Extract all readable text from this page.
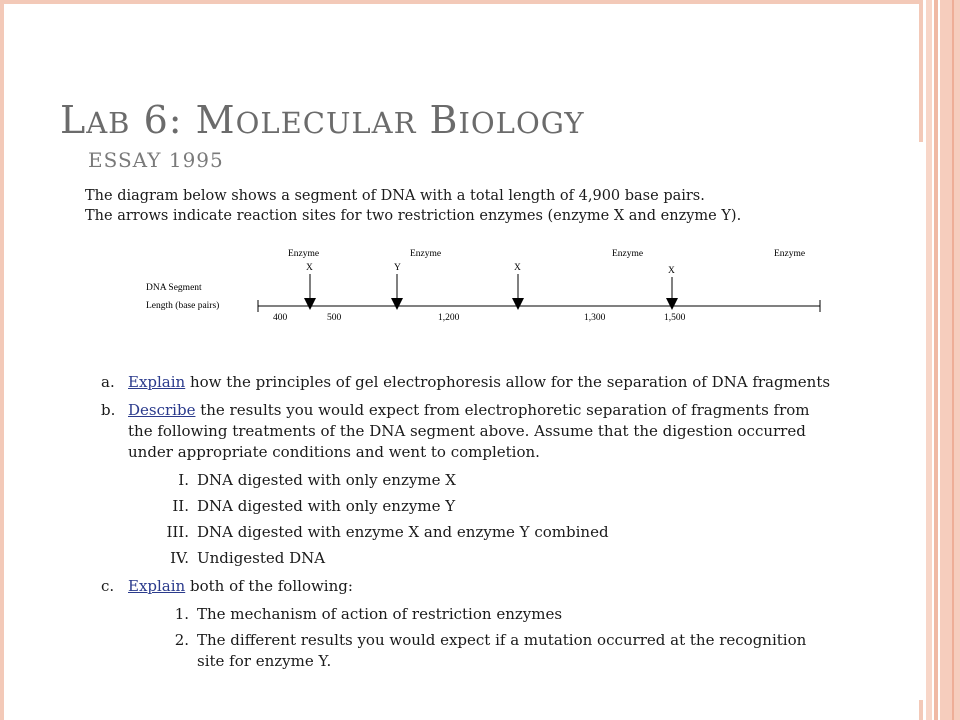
LAB 6: MOLECULAR BIOLOGY
ESSAY 1995
The diagram below shows a segment of DNA with a total length of 4,900 base pairs.
The arrows indicate reaction sites for two restriction enzymes (enzyme X and enzyme Y).
Enzyme	Enzyme	Enzyme	Enzyme
X	Y	X	X
DNA Segment
Length (base pairs)
400	500	1,200	1,300	1,500
a. Explain how the principles of gel electrophoresis allow for the separation of DNA fragments
b. Describe the results you would expect from electrophoretic separation of fragments from
the following treatments of the DNA segment above. Assume that the digestion occurred
under appropriate conditions and went to completion.
I. DNA digested with only enzyme X
II. DNA digested with only enzyme Y
III. DNA digested with enzyme X and enzyme Y combined
IV. Undigested DNA
c. Explain both of the following:
1. The mechanism of action of restriction enzymes
2. The different results you would expect if a mutation occurred at the recognition
site for enzyme Y.
